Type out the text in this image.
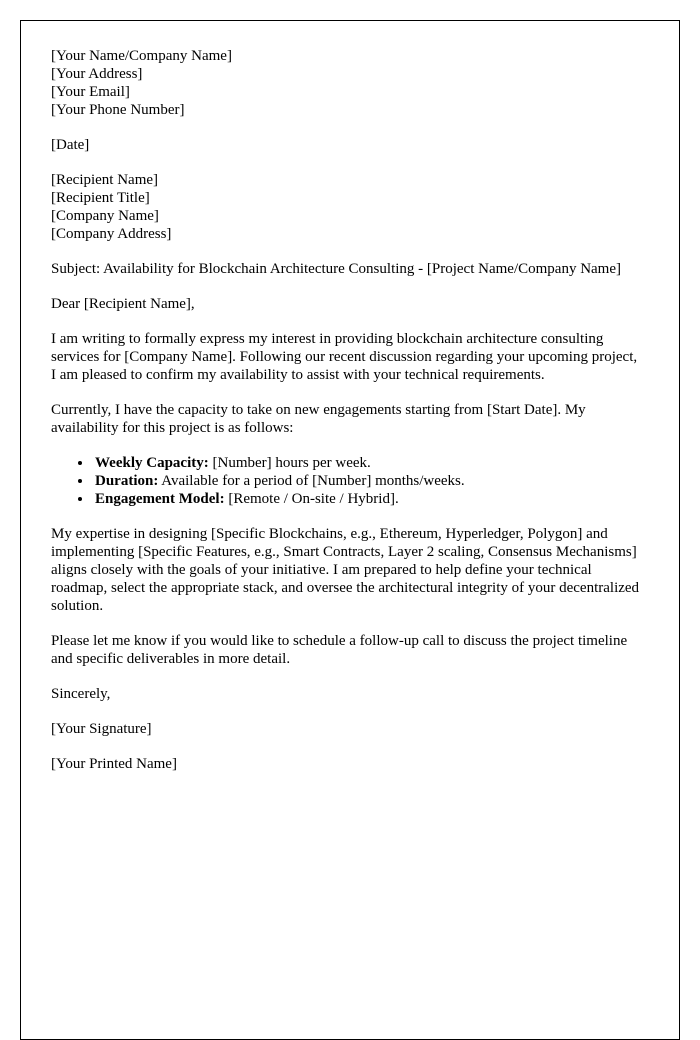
[Your Name/Company Name]
[Your Address]
[Your Email]
[Your Phone Number]
[Date]
[Recipient Name]
[Recipient Title]
[Company Name]
[Company Address]

Subject: Availability for Blockchain Architecture Consulting - [Project Name/Company Name]

Dear [Recipient Name],

I am writing to formally express my interest in providing blockchain architecture consulting services for [Company Name]. Following our recent discussion regarding your upcoming project, I am pleased to confirm my availability to assist with your technical requirements.

Currently, I have the capacity to take on new engagements starting from [Start Date]. My availability for this project is as follows:

• Weekly Capacity: [Number] hours per week.
• Duration: Available for a period of [Number] months/weeks.
• Engagement Model: [Remote / On-site / Hybrid].

My expertise in designing [Specific Blockchains, e.g., Ethereum, Hyperledger, Polygon] and implementing [Specific Features, e.g., Smart Contracts, Layer 2 scaling, Consensus Mechanisms] aligns closely with the goals of your initiative. I am prepared to help define your technical roadmap, select the appropriate stack, and oversee the architectural integrity of your decentralized solution.

Please let me know if you would like to schedule a follow-up call to discuss the project timeline and specific deliverables in more detail.

Sincerely,

[Your Signature]

[Your Printed Name]
